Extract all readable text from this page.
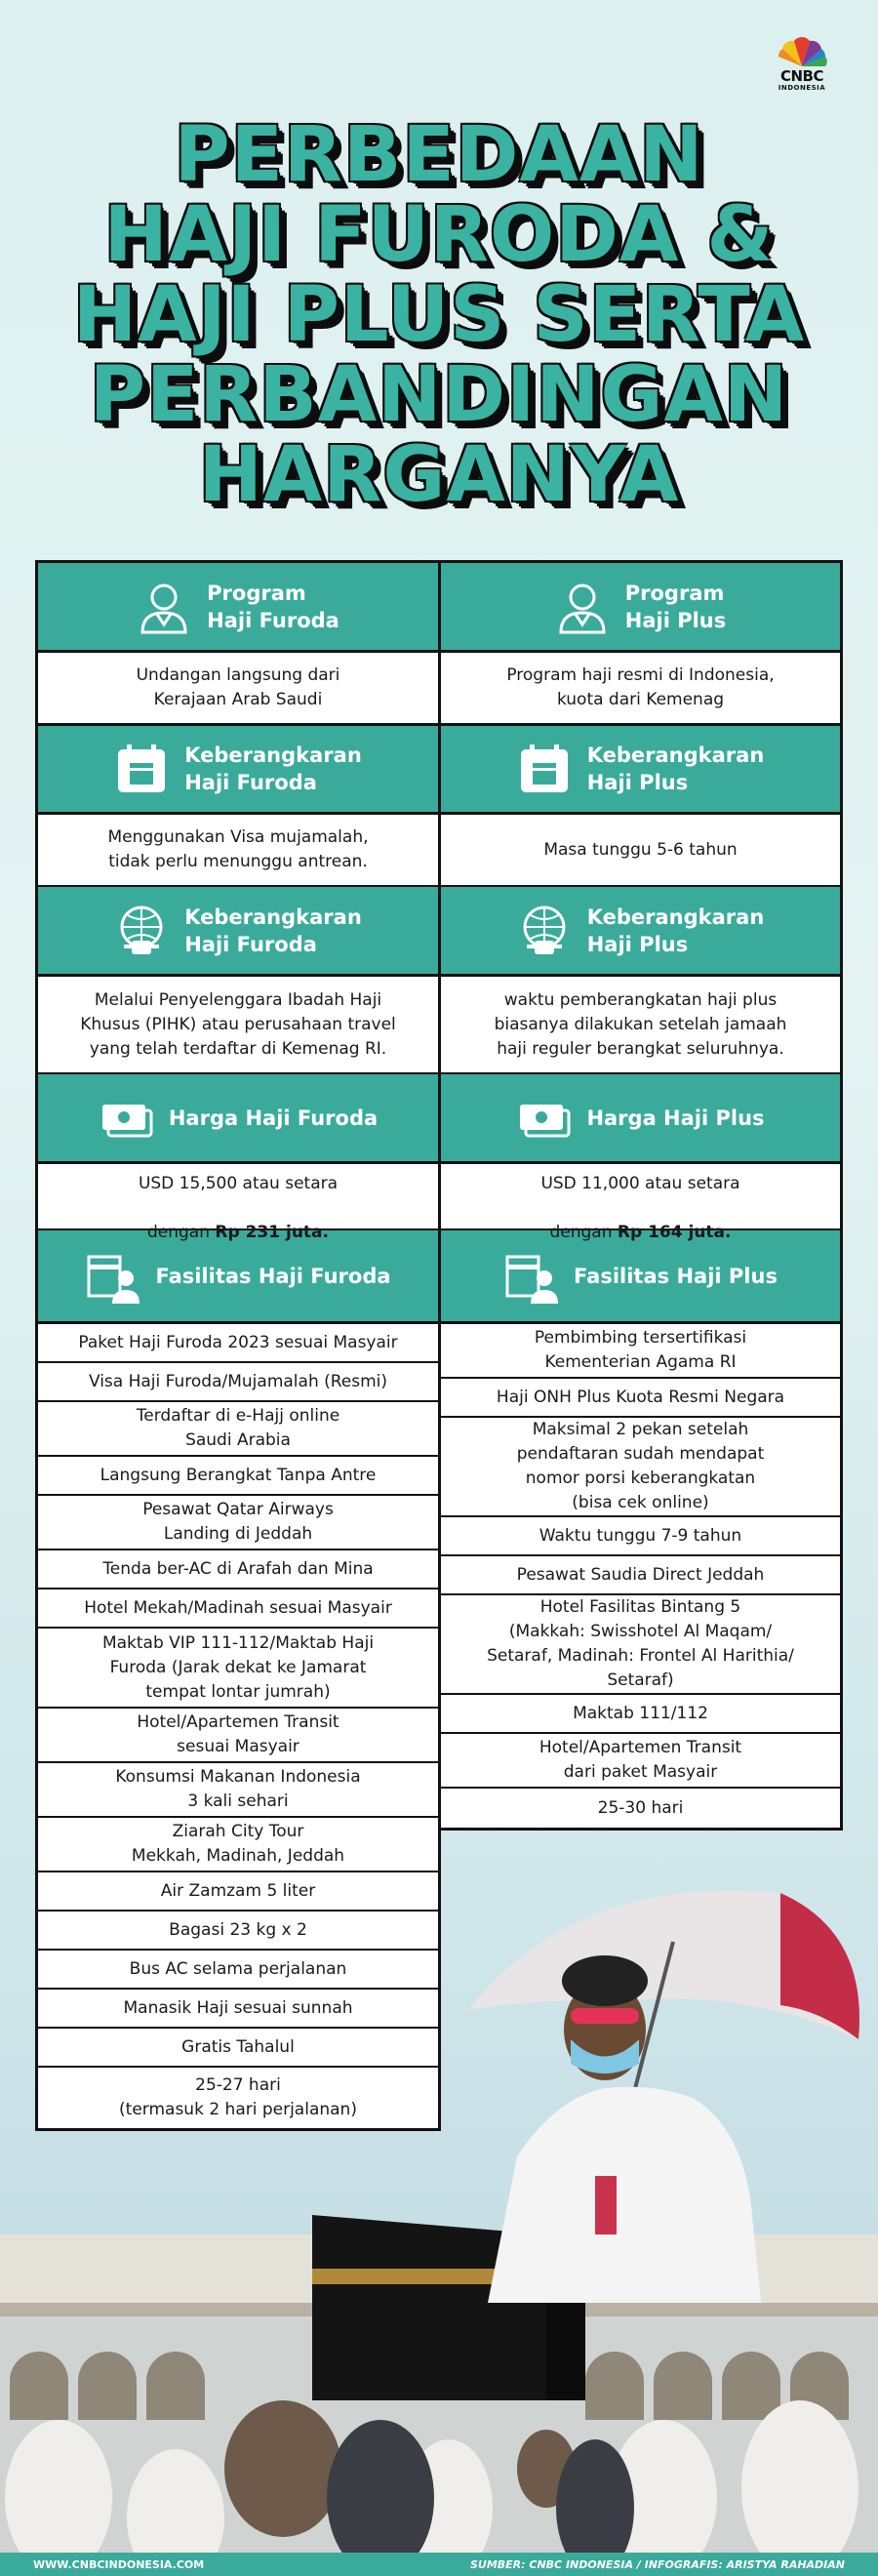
CNBC
INDONESIA
PERBEDAAN
HAJI FURODA &
HAJI PLUS SERTA
PERBANDINGAN
HARGANYA
Program
Haji Furoda
Undangan langsung dari
Kerajaan Arab Saudi
Keberangkaran
Haji Furoda
Menggunakan Visa mujamalah,
tidak perlu menunggu antrean.
Keberangkaran
Haji Furoda
Melalui Penyelenggara Ibadah Haji
Khusus (PIHK) atau perusahaan travel
yang telah terdaftar di Kemenag RI.
Harga Haji Furoda

USD 15,500 atau setara

dengan Rp 231 juta.

Fasilitas Haji Furoda
Paket Haji Furoda 2023 sesuai Masyair
Visa Haji Furoda/Mujamalah (Resmi)
Terdaftar di e-Hajj online
Saudi Arabia
Langsung Berangkat Tanpa Antre
Pesawat Qatar Airways
Landing di Jeddah
Tenda ber-AC di Arafah dan Mina
Hotel Mekah/Madinah sesuai Masyair
Maktab VIP 111-112/Maktab Haji
Furoda (Jarak dekat ke Jamarat
tempat lontar jumrah)
Hotel/Apartemen Transit
sesuai Masyair
Konsumsi Makanan Indonesia
3 kali sehari
Ziarah City Tour
Mekkah, Madinah, Jeddah
Air Zamzam 5 liter
Bagasi 23 kg x 2
Bus AC selama perjalanan
Manasik Haji sesuai sunnah
Gratis Tahalul
25-27 hari
(termasuk 2 hari perjalanan)
Program
Haji Plus
Program haji resmi di Indonesia,
kuota dari Kemenag
Keberangkaran
Haji Plus
Masa tunggu 5-6 tahun
Keberangkaran
Haji Plus
waktu pemberangkatan haji plus
biasanya dilakukan setelah jamaah
haji reguler berangkat seluruhnya.
Harga Haji Plus

USD 11,000 atau setara

dengan Rp 164 juta.

Fasilitas Haji Plus
Pembimbing tersertifikasi
Kementerian Agama RI
Haji ONH Plus Kuota Resmi Negara
Maksimal 2 pekan setelah
pendaftaran sudah mendapat
nomor porsi keberangkatan
(bisa cek online)
Waktu tunggu 7-9 tahun
Pesawat Saudia Direct Jeddah
Hotel Fasilitas Bintang 5
(Makkah: Swisshotel Al Maqam/
Setaraf, Madinah: Frontel Al Harithia/
Setaraf)
Maktab 111/112
Hotel/Apartemen Transit
dari paket Masyair
25-30 hari
WWW.CNBCINDONESIA.COM	SUMBER: CNBC INDONESIA / INFOGRAFIS: ARISTYA RAHADIAN
